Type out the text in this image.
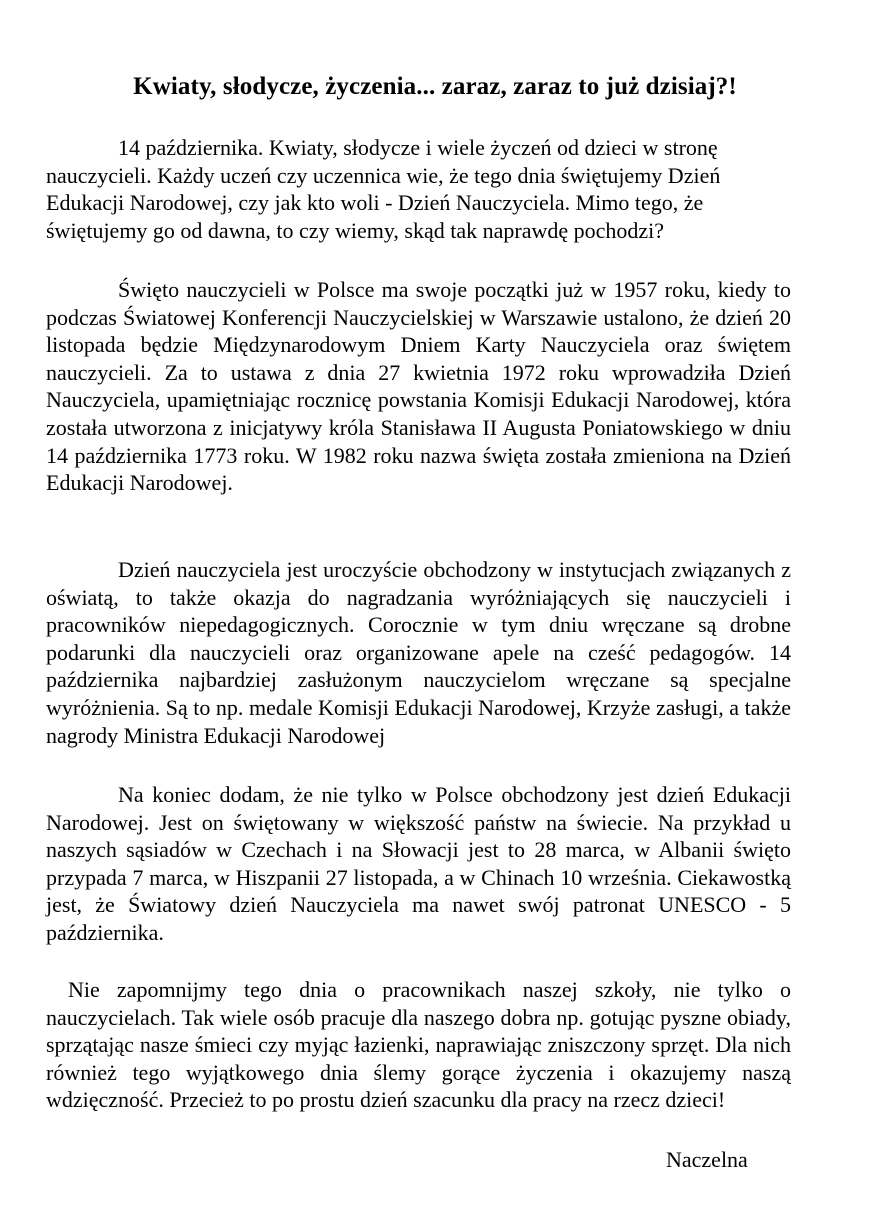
Kwiaty, słodycze, życzenia... zaraz, zaraz to już dzisiaj?!

14 października. Kwiaty, słodycze i wiele życzeń od dzieci w stronę nauczycieli. Każdy uczeń czy uczennica wie, że tego dnia świętujemy Dzień Edukacji Narodowej, czy jak kto woli - Dzień Nauczyciela. Mimo tego, że świętujemy go od dawna, to czy wiemy, skąd tak naprawdę pochodzi?

Święto nauczycieli w Polsce ma swoje początki już w 1957 roku, kiedy to podczas Światowej Konferencji Nauczycielskiej w Warszawie ustalono, że dzień 20 listopada będzie Międzynarodowym Dniem Karty Nauczyciela oraz świętem nauczycieli. Za to ustawa z dnia 27 kwietnia 1972 roku wprowadziła Dzień Nauczyciela, upamiętniając rocznicę powstania Komisji Edukacji Narodowej, która została utworzona z inicjatywy króla Stanisława II Augusta Poniatowskiego w dniu 14 października 1773 roku. W 1982 roku nazwa święta została zmieniona na Dzień Edukacji Narodowej.

Dzień nauczyciela jest uroczyście obchodzony w instytucjach związanych z oświatą, to także okazja do nagradzania wyróżniających się nauczycieli i pracowników niepedagogicznych. Corocznie w tym dniu wręczane są drobne podarunki dla nauczycieli oraz organizowane apele na cześć pedagogów. 14 października najbardziej zasłużonym nauczycielom wręczane są specjalne wyróżnienia. Są to np. medale Komisji Edukacji Narodowej, Krzyże zasługi, a także nagrody Ministra Edukacji Narodowej

Na koniec dodam, że nie tylko w Polsce obchodzony jest dzień Edukacji Narodowej. Jest on świętowany w większość państw na świecie. Na przykład u naszych sąsiadów w Czechach i na Słowacji jest to 28 marca, w Albanii święto przypada 7 marca, w Hiszpanii 27 listopada, a w Chinach 10 września. Ciekawostką jest, że Światowy dzień Nauczyciela ma nawet swój patronat UNESCO - 5 października.

Nie zapomnijmy tego dnia o pracownikach naszej szkoły, nie tylko o nauczycielach. Tak wiele osób pracuje dla naszego dobra np. gotując pyszne obiady, sprzątając nasze śmieci czy myjąc łazienki, naprawiając zniszczony sprzęt. Dla nich również tego wyjątkowego dnia ślemy gorące życzenia i okazujemy naszą wdzięczność. Przecież to po prostu dzień szacunku dla pracy na rzecz dzieci!

Naczelna
